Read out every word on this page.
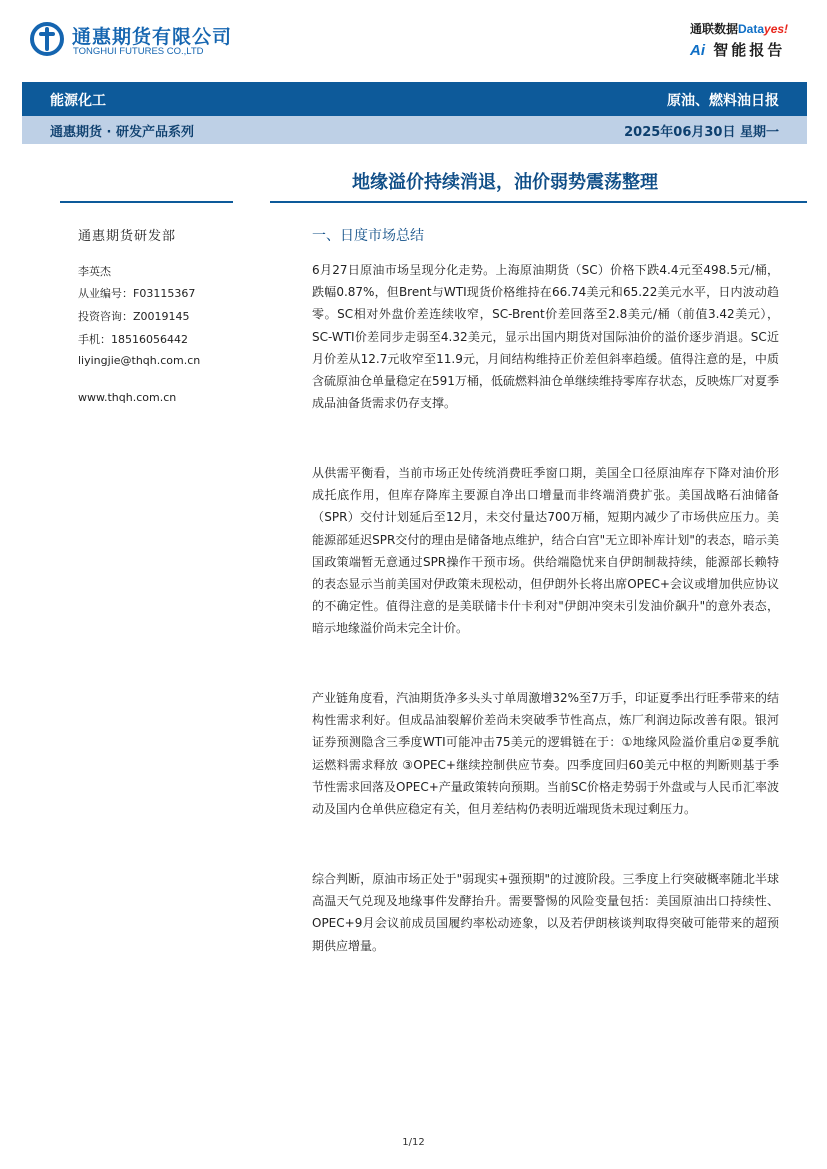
通惠期货有限公司
TONGHUI FUTURES CO.,LTD
通联数据Datayes!
Ai 智能报告
能源化工	原油、燃料油日报
通惠期货 · 研发产品系列	2025年06月30日 星期一
地缘溢价持续消退，油价弱势震荡整理
通惠期货研发部
李英杰
从业编号：F03115367
投资咨询：Z0019145
手机：18516056442
liyingjie@thqh.com.cn
www.thqh.com.cn
一、日度市场总结
6月27日原油市场呈现分化走势。上海原油期货（SC）价格下跌4.4元至498.5元/桶，跌幅0.87%，但Brent与WTI现货价格维持在66.74美元和65.22美元水平，日内波动趋零。SC相对外盘价差连续收窄，SC-Brent价差回落至2.8美元/桶（前值3.42美元），SC-WTI价差同步走弱至4.32美元，显示出国内期货对国际油价的溢价逐步消退。SC近月价差从12.7元收窄至11.9元，月间结构维持正价差但斜率趋缓。值得注意的是，中质含硫原油仓单量稳定在591万桶，低硫燃料油仓单继续维持零库存状态，反映炼厂对夏季成品油备货需求仍存支撑。
从供需平衡看，当前市场正处传统消费旺季窗口期，美国全口径原油库存下降对油价形成托底作用，但库存降库主要源自净出口增量而非终端消费扩张。美国战略石油储备（SPR）交付计划延后至12月，未交付量达700万桶，短期内减少了市场供应压力。美能源部延迟SPR交付的理由是储备地点维护，结合白宫"无立即补库计划"的表态，暗示美国政策端暂无意通过SPR操作干预市场。供给端隐忧来自伊朗制裁持续，能源部长赖特的表态显示当前美国对伊政策未现松动，但伊朗外长将出席OPEC+会议或增加供应协议的不确定性。值得注意的是美联储卡什卡利对"伊朗冲突未引发油价飙升"的意外表态，暗示地缘溢价尚未完全计价。
产业链角度看，汽油期货净多头头寸单周激增32%至7万手，印证夏季出行旺季带来的结构性需求利好。但成品油裂解价差尚未突破季节性高点，炼厂利润边际改善有限。银河证券预测隐含三季度WTI可能冲击75美元的逻辑链在于：①地缘风险溢价重启②夏季航运燃料需求释放 ③OPEC+继续控制供应节奏。四季度回归60美元中枢的判断则基于季节性需求回落及OPEC+产量政策转向预期。当前SC价格走势弱于外盘或与人民币汇率波动及国内仓单供应稳定有关，但月差结构仍表明近端现货未现过剩压力。
综合判断，原油市场正处于"弱现实+强预期"的过渡阶段。三季度上行突破概率随北半球高温天气兑现及地缘事件发酵抬升。需要警惕的风险变量包括：美国原油出口持续性、OPEC+9月会议前成员国履约率松动迹象，以及若伊朗核谈判取得突破可能带来的超预期供应增量。
1/12
